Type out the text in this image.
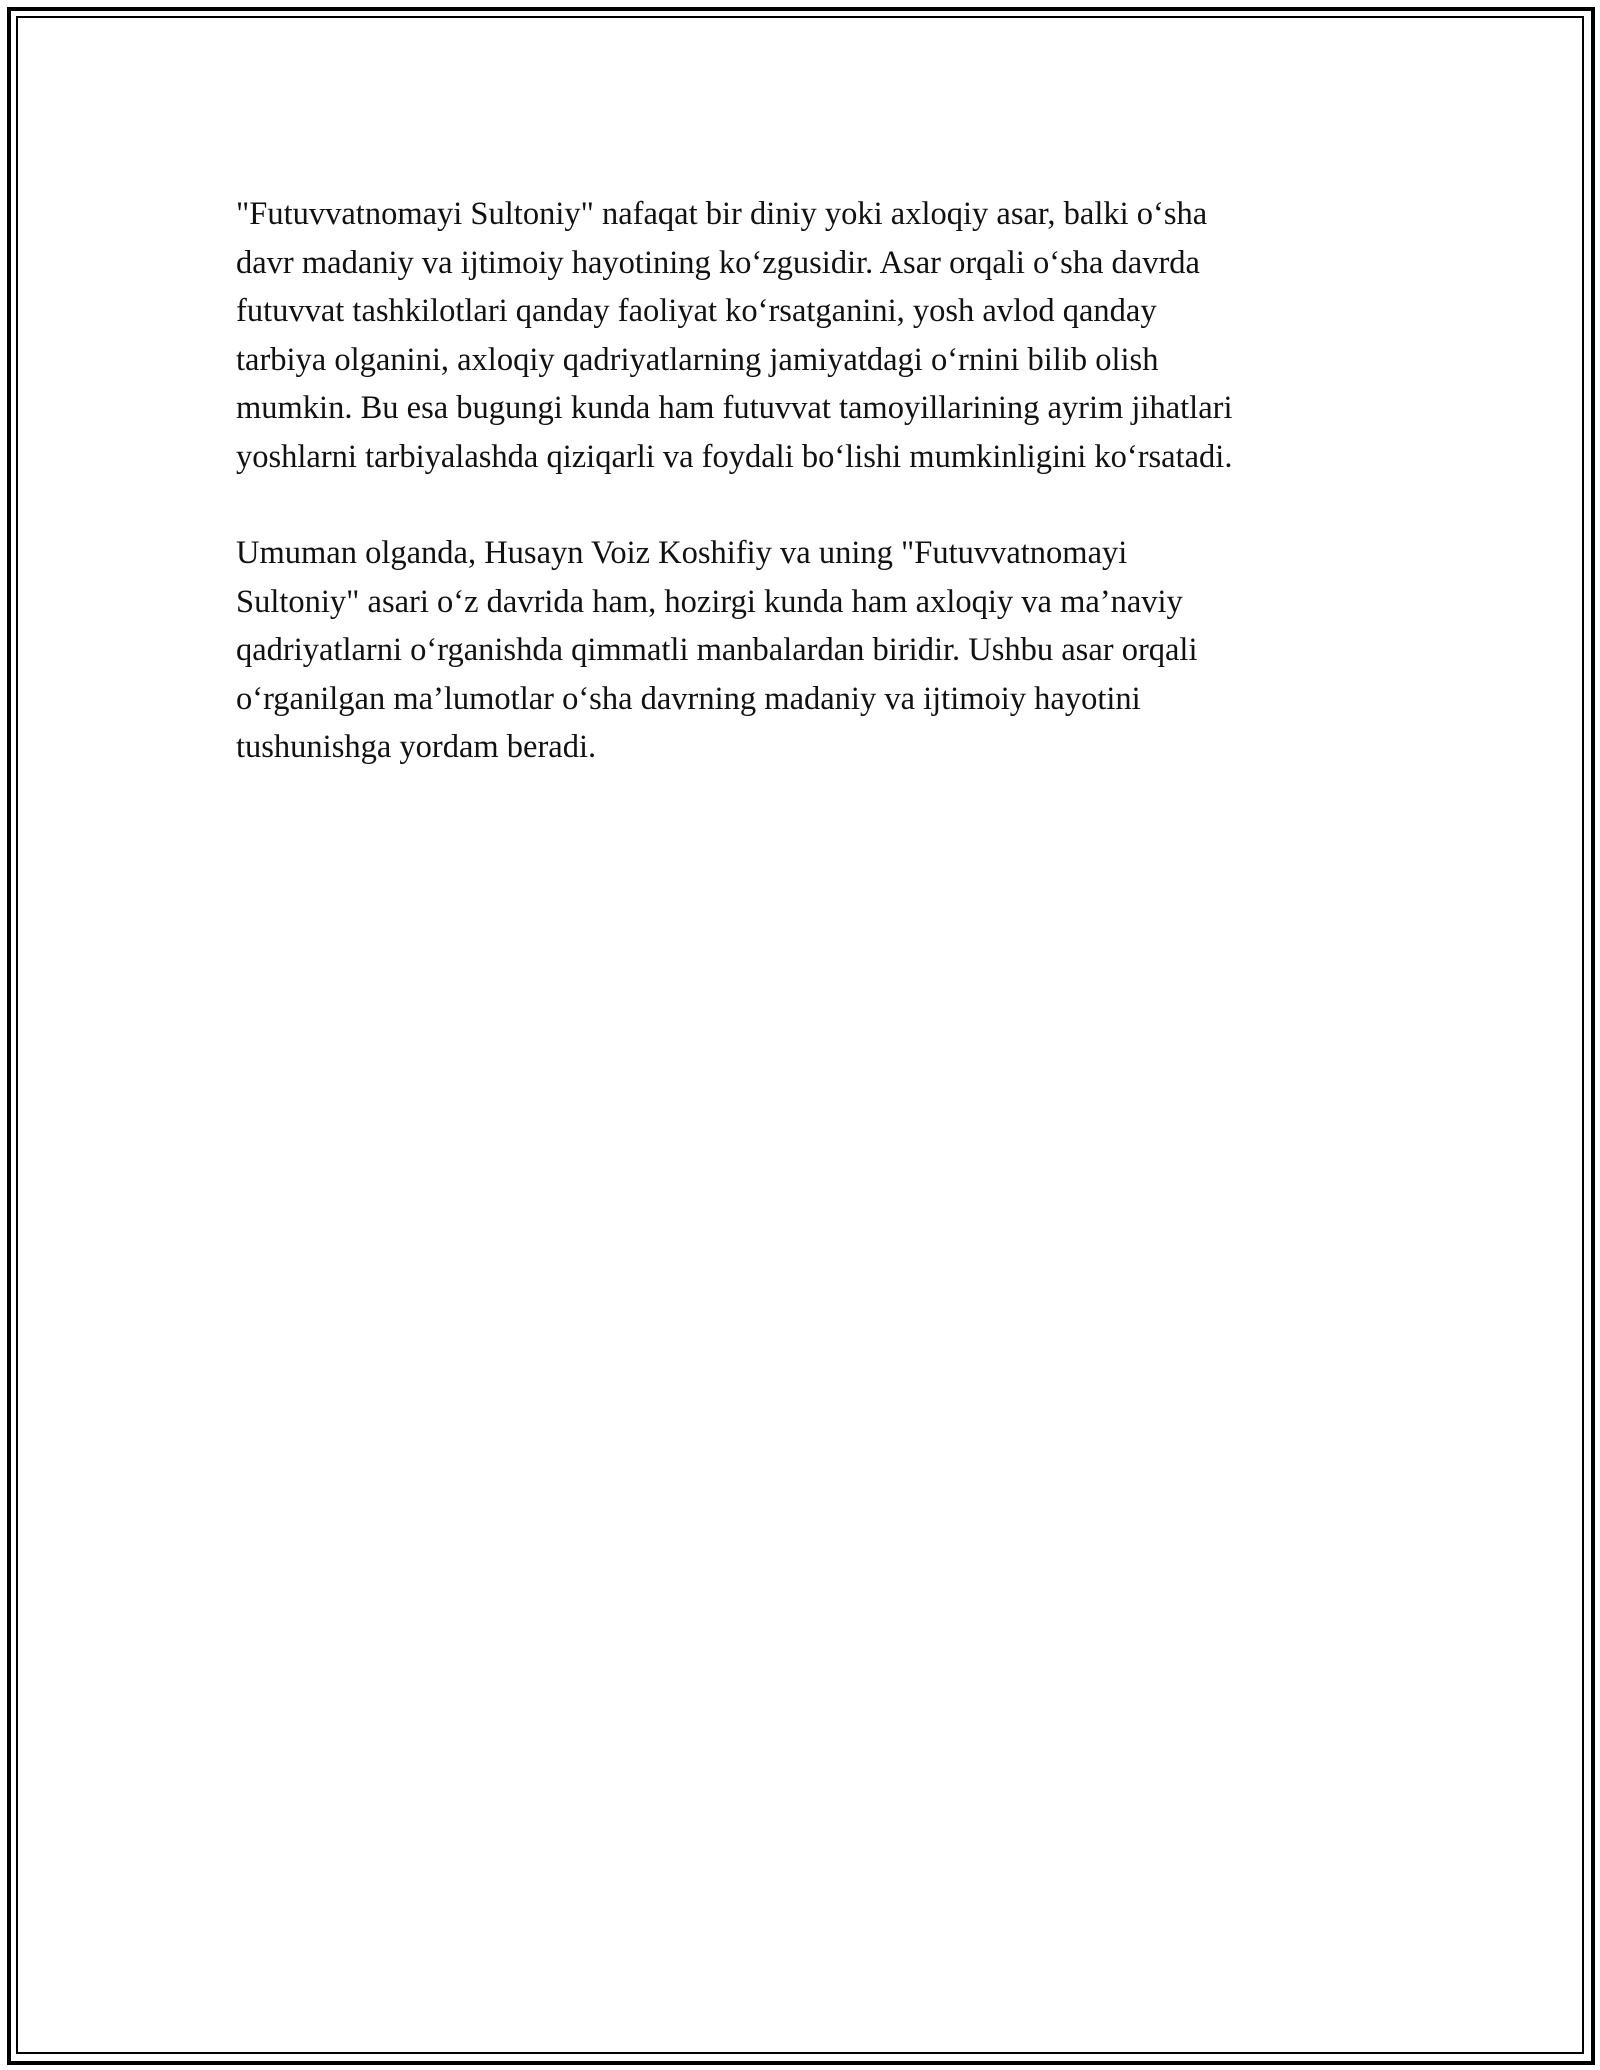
"Futuvvatnomayi Sultoniy" nafaqat bir diniy yoki axloqiy asar, balki o‘sha
davr madaniy va ijtimoiy hayotining ko‘zgusidir. Asar orqali o‘sha davrda
futuvvat tashkilotlari qanday faoliyat ko‘rsatganini, yosh avlod qanday
tarbiya olganini, axloqiy qadriyatlarning jamiyatdagi o‘rnini bilib olish
mumkin. Bu esa bugungi kunda ham futuvvat tamoyillarining ayrim jihatlari
yoshlarni tarbiyalashda qiziqarli va foydali bo‘lishi mumkinligini ko‘rsatadi.

Umuman olganda, Husayn Voiz Koshifiy va uning "Futuvvatnomayi
Sultoniy" asari o‘z davrida ham, hozirgi kunda ham axloqiy va ma’naviy
qadriyatlarni o‘rganishda qimmatli manbalardan biridir. Ushbu asar orqali
o‘rganilgan ma’lumotlar o‘sha davrning madaniy va ijtimoiy hayotini
tushunishga yordam beradi.
